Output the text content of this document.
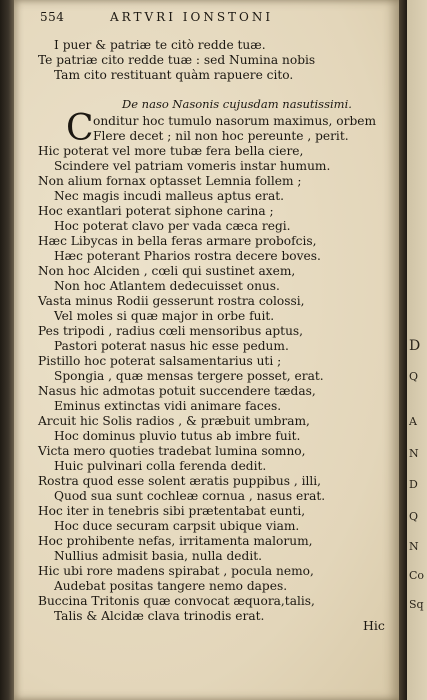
554	ARTVRI IONSTONI
I puer & patriæ te citò redde tuæ.
Te patriæ cito redde tuæ : sed Numina nobis
Tam cito restituant quàm rapuere cito.
De naso Nasonis cujusdam nasutissimi.
C onditur hoc tumulo nasorum maximus, orbem
Flere decet ; nil non hoc pereunte , perit.
Hic poterat vel more tubæ fera bella ciere,
Scindere vel patriam vomeris instar humum.
Non alium fornax optasset Lemnia follem ;
Nec magis incudi malleus aptus erat.
Hoc exantlari poterat siphone carina ;
Hoc poterat clavo per vada cæca regi.
Hæc Libycas in bella feras armare probofcis,
Hæc poterant Pharios rostra decere boves.
Non hoc Alciden , cœli qui sustinet axem,
Non hoc Atlantem dedecuisset onus.
Vasta minus Rodii gesserunt rostra colossi,
Vel moles si quæ major in orbe fuit.
Pes tripodi , radius cœli mensoribus aptus,
Pastori poterat nasus hic esse pedum.
Pistillo hoc poterat salsamentarius uti ;
Spongia , quæ mensas tergere posset, erat.
Nasus hic admotas potuit succendere tædas,
Eminus extinctas vidi animare faces.
Arcuit hic Solis radios , & præbuit umbram,
Hoc dominus pluvio tutus ab imbre fuit.
Victa mero quoties tradebat lumina somno,
Huic pulvinari colla ferenda dedit.
Rostra quod esse solent æratis puppibus , illi,
Quod sua sunt cochleæ cornua , nasus erat.
Hoc iter in tenebris sibi prætentabat eunti,
Hoc duce securam carpsit ubique viam.
Hoc prohibente nefas, irritamenta malorum,
Nullius admisit basia, nulla dedit.
Hic ubi rore madens spirabat , pocula nemo,
Audebat positas tangere nemo dapes.
Buccina Tritonis quæ convocat æquora,talis,
Talis & Alcidæ clava trinodis erat.
Hic
D
Q
A
N
D
Q
N
Co
Sq
